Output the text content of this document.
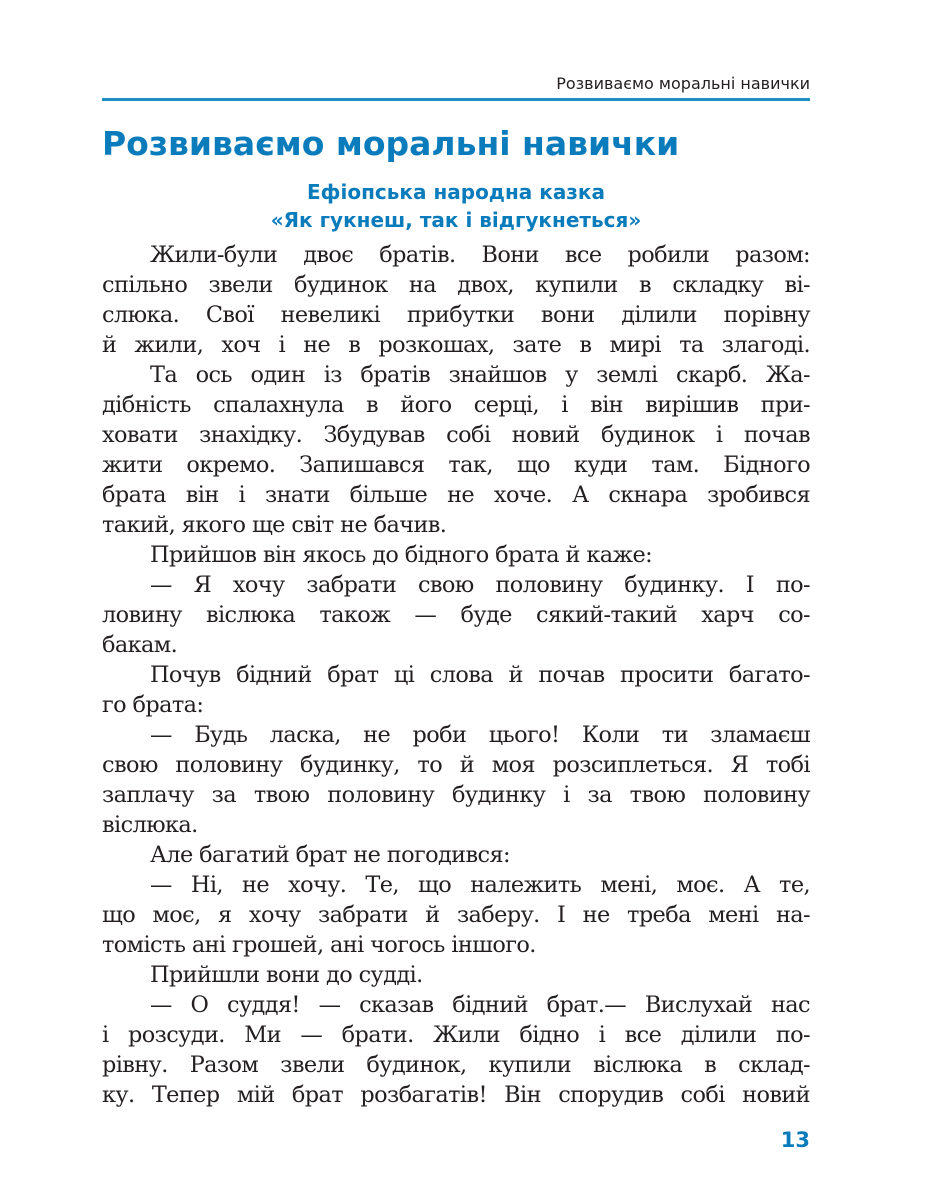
Розвиваємо моральні навички
Розвиваємо моральні навички
Ефіопська народна казка
«Як гукнеш, так і відгукнеться»
Жили-були двоє братів. Вони все робили разом:
спільно звели будинок на двох, купили в складку ві-
слюка. Свої невеликі прибутки вони ділили порівну
й жили, хоч і не в розкошах, зате в мирі та злагоді.
Та ось один із братів знайшов у землі скарб. Жа-
дібність спалахнула в його серці, і він вирішив при-
ховати знахідку. Збудував собі новий будинок і почав
жити окремо. Запишався так, що куди там. Бідного
брата він і знати більше не хоче. А скнара зробився
такий, якого ще світ не бачив.
Прийшов він якось до бідного брата й каже:
— Я хочу забрати свою половину будинку. І по-
ловину віслюка також — буде сякий-такий харч со-
бакам.
Почув бідний брат ці слова й почав просити багато-
го брата:
— Будь ласка, не роби цього! Коли ти зламаєш
свою половину будинку, то й моя розсиплеться. Я тобі
заплачу за твою половину будинку і за твою половину
віслюка.
Але багатий брат не погодився:
— Ні, не хочу. Те, що належить мені, моє. А те,
що моє, я хочу забрати й заберу. І не треба мені на-
томість ані грошей, ані чогось іншого.
Прийшли вони до судді.
— О суддя! — сказав бідний брат.— Вислухай нас
і розсуди. Ми — брати. Жили бідно і все ділили по-
рівну. Разом звели будинок, купили віслюка в склад-
ку. Тепер мій брат розбагатів! Він спорудив собі новий
13
